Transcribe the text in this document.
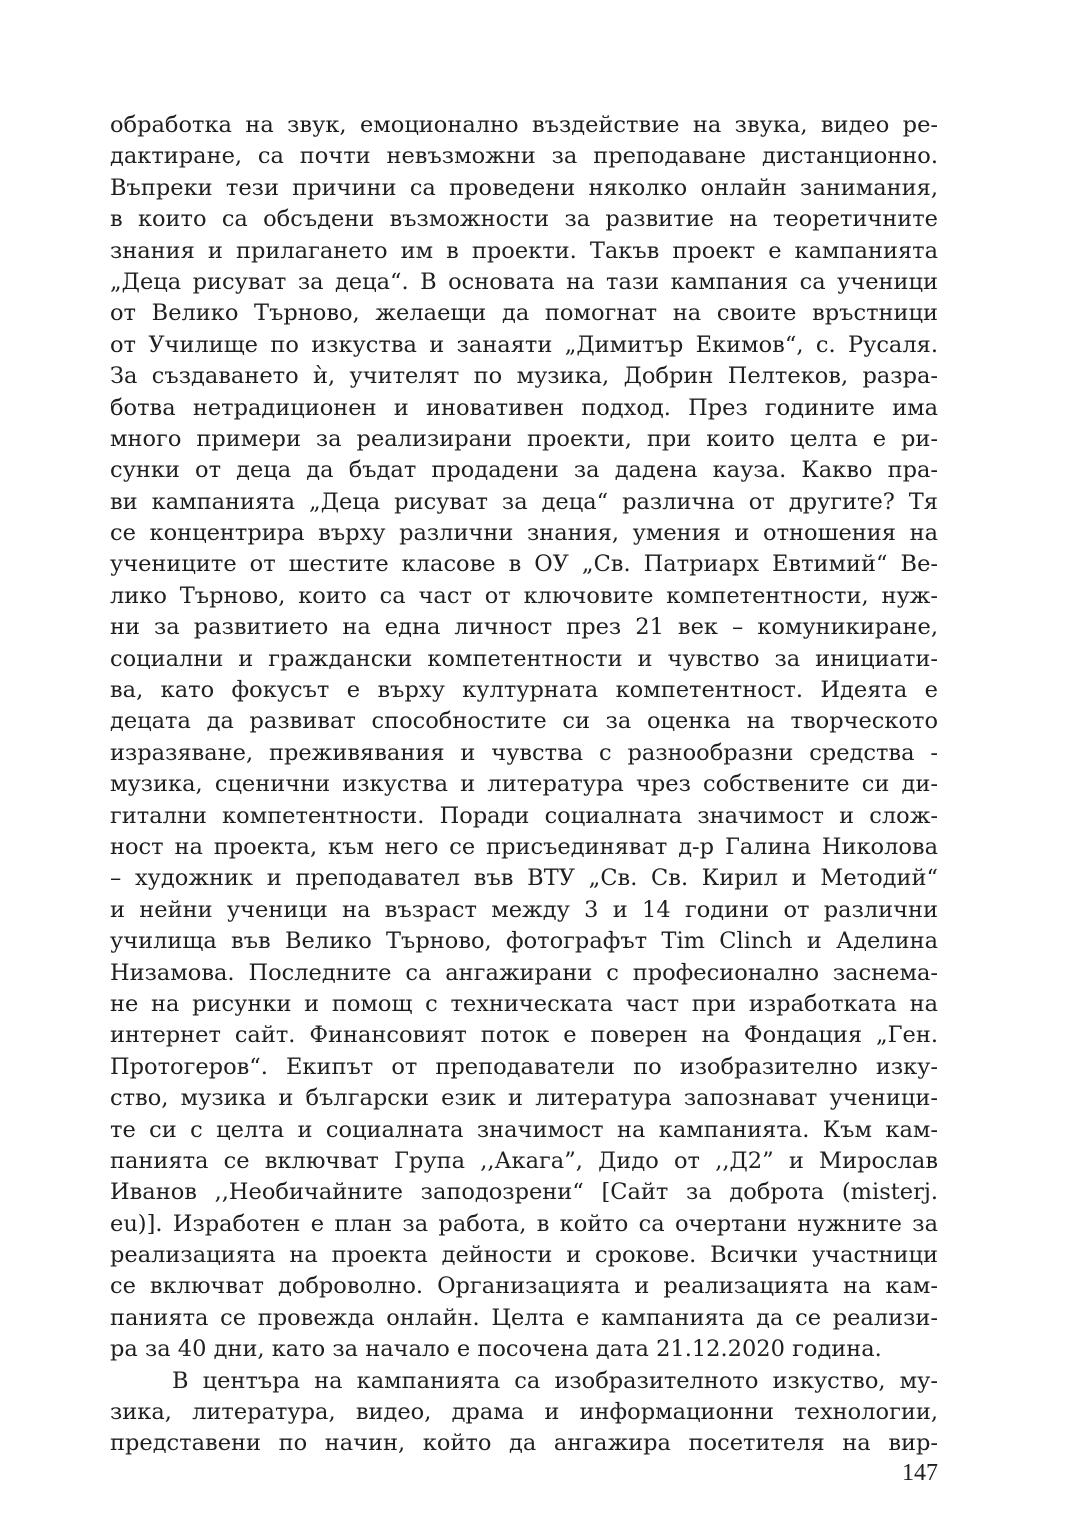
обработка на звук, емоционално въздействие на звука, видео ре-
дактиране, са почти невъзможни за преподаване дистанционно.
Въпреки тези причини са проведени няколко онлайн занимания,
в които са обсъдени възможности за развитие на теоретичните
знания и прилагането им в проекти. Такъв проект е кампанията
„Деца рисуват за деца“. В основата на тази кампания са ученици
от Велико Търново, желаещи да помогнат на своите връстници
от Училище по изкуства и занаяти „Димитър Екимов“, с. Русаля.
За създаването ѝ, учителят по музика, Добрин Пелтеков, разра-
ботва нетрадиционен и иновативен подход. През годините има
много примери за реализирани проекти, при които целта е ри-
сунки от деца да бъдат продадени за дадена кауза. Какво пра-
ви кампанията „Деца рисуват за деца“ различна от другите? Тя
се концентрира върху различни знания, умения и отношения на
учениците от шестите класове в ОУ „Св. Патриарх Евтимий“ Ве-
лико Търново, които са част от ключовите компетентности, нуж-
ни за развитието на една личност през 21 век – комуникиране,
социални и граждански компетентности и чувство за инициати-
ва, като фокусът е върху културната компетентност. Идеята е
децата да развиват способностите си за оценка на творческото
изразяване, преживявания и чувства с разнообразни средства -
музика, сценични изкуства и литература чрез собствените си ди-
гитални компетентности. Поради социалната значимост и слож-
ност на проекта, към него се присъединяват д-р Галина Николова
– художник и преподавател във ВТУ „Св. Св. Кирил и Методий“
и нейни ученици на възраст между 3 и 14 години от различни
училища във Велико Търново, фотографът Tim Clinch и Аделина
Низамова. Последните са ангажирани с професионално заснема-
не на рисунки и помощ с техническата част при изработката на
интернет сайт. Финансовият поток е поверен на Фондация „Ген.
Протогеров“. Екипът от преподаватели по изобразително изку-
ство, музика и български език и литература запознават ученици-
те си с целта и социалната значимост на кампанията. Към кам-
панията се включват Група ,,Акага”, Дидо от ,,Д2” и Мирослав
Иванов ,,Необичайните заподозрени“ [Сайт за доброта (misterj.
eu)]. Изработен е план за работа, в който са очертани нужните за
реализацията на проекта дейности и срокове. Всички участници
се включват доброволно. Организацията и реализацията на кам-
панията се провежда онлайн. Целта е кампанията да се реализи-
ра за 40 дни, като за начало е посочена дата 21.12.2020 година.
В центъра на кампанията са изобразителното изкуство, му-
зика, литература, видео, драма и информационни технологии,
представени по начин, който да ангажира посетителя на вир-
147
